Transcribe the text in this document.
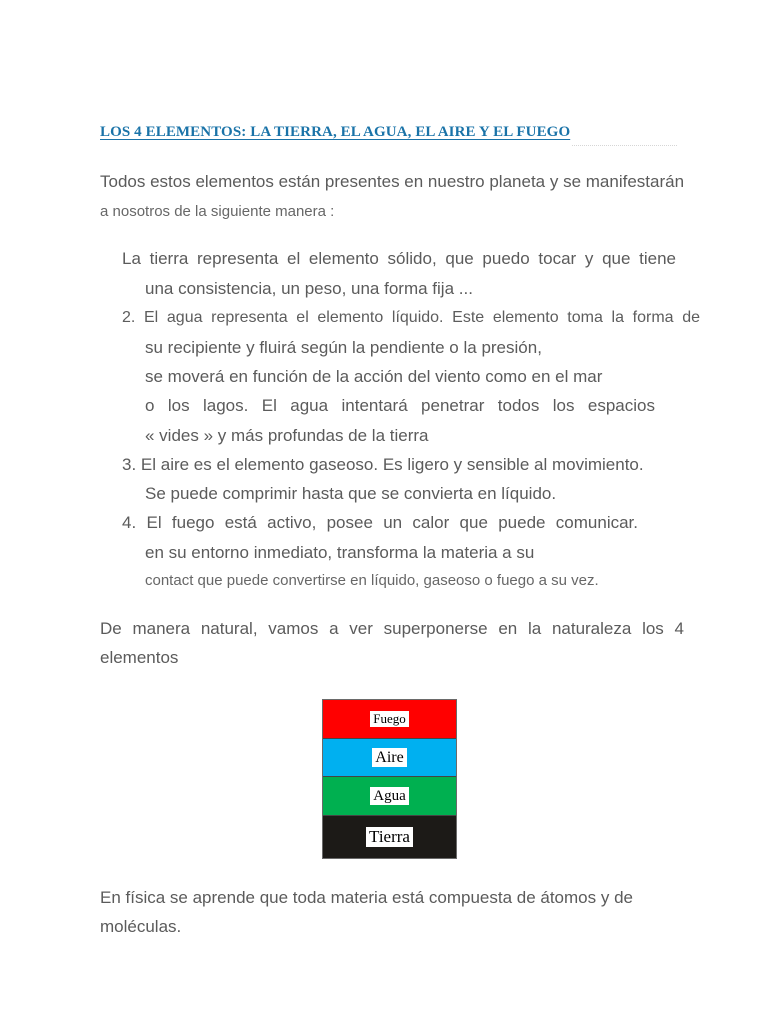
LOS 4 ELEMENTOS: LA TIERRA, EL AGUA, EL AIRE Y EL FUEGO
Todos estos elementos están presentes en nuestro planeta y se manifestarán
a nosotros de la siguiente manera :
La tierra representa el elemento sólido, que puedo tocar y que tiene
una consistencia, un peso, una forma fija ...
2. El agua representa el elemento líquido. Este elemento toma la forma de
su recipiente y fluirá según la pendiente o la presión,
se moverá en función de la acción del viento como en el mar
o los lagos. El agua intentará penetrar todos los espacios
« vides » y más profundas de la tierra
3. El aire es el elemento gaseoso. Es ligero y sensible al movimiento.
Se puede comprimir hasta que se convierta en líquido.
4. El fuego está activo, posee un calor que puede comunicar.
en su entorno inmediato, transforma la materia a su
contact que puede convertirse en líquido, gaseoso o fuego a su vez.
De manera natural, vamos a ver superponerse en la naturaleza los 4
elementos
Fuego
Aire
Agua
Tierra
En física se aprende que toda materia está compuesta de átomos y de
moléculas.
